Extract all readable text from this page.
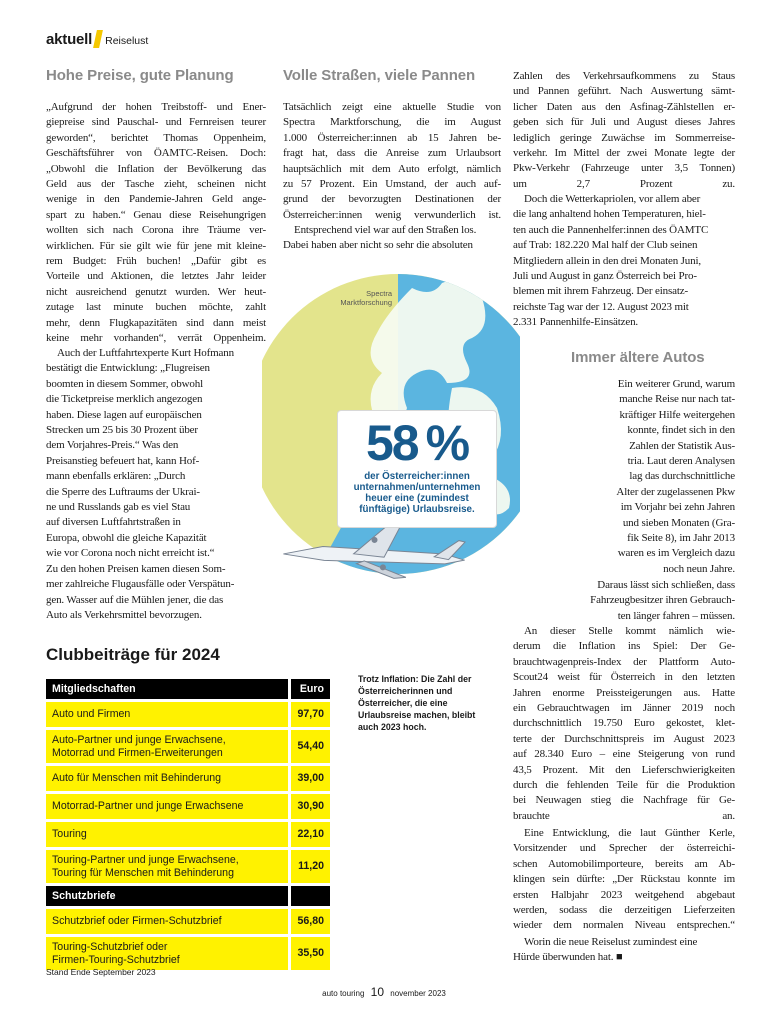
aktuell Reiselust
Hohe Preise, gute Planung

„Aufgrund der hohen Treibstoff- und Ener-

giepreise sind Pauschal- und Fernreisen teurer

geworden“, berichtet Thomas Oppenheim,

Geschäftsführer von ÖAMTC-Reisen. Doch:

„Obwohl die Inflation der Bevölkerung das

Geld aus der Tasche zieht, scheinen nicht

wenige in den Pandemie-Jahren Geld ange-

spart zu haben.“ Genau diese Reisehungrigen

wollten sich nach Corona ihre Träume ver-

wirklichen. Für sie gilt wie für jene mit kleine-

rem Budget: Früh buchen! „Dafür gibt es

Vorteile und Aktionen, die letztes Jahr leider

nicht ausreichend genutzt wurden. Wer heut-

zutage last minute buchen möchte, zahlt

mehr, denn Flugkapazitäten sind dann meist

keine mehr vorhanden“, verrät Oppenheim.

Auch der Luftfahrtexperte Kurt Hofmann

bestätigt die Entwicklung: „Flugreisen

boomten in diesem Sommer, obwohl

die Ticketpreise merklich angezogen

haben. Diese lagen auf europäischen

Strecken um 25 bis 30 Prozent über

dem Vorjahres-Preis.“ Was den

Preisanstieg befeuert hat, kann Hof-

mann ebenfalls erklären: „Durch

die Sperre des Luftraums der Ukrai-

ne und Russlands gab es viel Stau

auf diversen Luftfahrtstraßen in

Europa, obwohl die gleiche Kapazität

wie vor Corona noch nicht erreicht ist.“

Zu den hohen Preisen kamen diesen Som-

mer zahlreiche Flugausfälle oder Verspätun-

gen. Wasser auf die Mühlen jener, die das

Auto als Verkehrsmittel bevorzugen.

Volle Straßen, viele Pannen

Tatsächlich zeigt eine aktuelle Studie von

Spectra Marktforschung, die im August

1.000 Österreicher:innen ab 15 Jahren be-

fragt hat, dass die Anreise zum Urlaubsort

hauptsächlich mit dem Auto erfolgt, nämlich

zu 57 Prozent. Ein Umstand, der auch auf-

grund der bevorzugten Destinationen der

Österreicher:innen wenig verwunderlich ist.

Entsprechend viel war auf den Straßen los.

Dabei haben aber nicht so sehr die absoluten

Zahlen des Verkehrsaufkommens zu Staus

und Pannen geführt. Nach Auswertung sämt-

licher Daten aus den Asfinag-Zählstellen er-

geben sich für Juli und August dieses Jahres

lediglich geringe Zuwächse im Sommerreise-

verkehr. Im Mittel der zwei Monate legte der

Pkw-Verkehr (Fahrzeuge unter 3,5 Tonnen)

um 2,7 Prozent zu.

Doch die Wetterkapriolen, vor allem aber

die lang anhaltend hohen Temperaturen, hiel-

ten auch die Pannenhelfer:innen des ÖAMTC

auf Trab: 182.220 Mal half der Club seinen

Mitgliedern allein in den drei Monaten Juni,

Juli und August in ganz Österreich bei Pro-

blemen mit ihrem Fahrzeug. Der einsatz-

reichste Tag war der 12. August 2023 mit

2.331 Pannenhilfe-Einsätzen.

Immer ältere Autos

Ein weiterer Grund, warum

manche Reise nur nach tat-

kräftiger Hilfe weitergehen

konnte, findet sich in den

Zahlen der Statistik Aus-

tria. Laut deren Analysen

lag das durchschnittliche

Alter der zugelassenen Pkw

im Vorjahr bei zehn Jahren

und sieben Monaten (Gra-

fik Seite 8), im Jahr 2013

waren es im Vergleich dazu

noch neun Jahre.

Daraus lässt sich schließen, dass

Fahrzeugbesitzer ihren Gebrauch-

ten länger fahren – müssen.

An dieser Stelle kommt nämlich wie-

derum die Inflation ins Spiel: Der Ge-

brauchtwagenpreis-Index der Plattform Auto-

Scout24 weist für Österreich in den letzten

Jahren enorme Preissteigerungen aus. Hatte

ein Gebrauchtwagen im Jänner 2019 noch

durchschnittlich 19.750 Euro gekostet, klet-

terte der Durchschnittspreis im August 2023

auf 28.340 Euro – eine Steigerung von rund

43,5 Prozent. Mit den Lieferschwierigkeiten

durch die fehlenden Teile für die Produktion

bei Neuwagen stieg die Nachfrage für Ge-

brauchte an.

Eine Entwicklung, die laut Günther Kerle,

Vorsitzender und Sprecher der österreichi-

schen Automobilimporteure, bereits am Ab-

klingen sein dürfte: „Der Rückstau konnte im

ersten Halbjahr 2023 weitgehend abgebaut

werden, sodass die derzeitigen Lieferzeiten

wieder dem normalen Niveau entsprechen.“

Worin die neue Reiselust zumindest eine

Hürde überwunden hat. ■

Spectra Marktforschung
58 %
der Österreicher:innen unternahmen/unternehmen heuer eine (zumindest fünftägige) Urlaubsreise.
Trotz Inflation: Die Zahl der Österreicherinnen und Österreicher, die eine Urlaubsreise machen, bleibt auch 2023 hoch.
Clubbeiträge für 2024
Mitgliedschaften	Euro
Auto und Firmen	97,70
Auto-Partner und junge Erwachsene,
Motorrad und Firmen-Erweiterungen	54,40
Auto für Menschen mit Behinderung	39,00
Motorrad-Partner und junge Erwachsene	30,90
Touring	22,10
Touring-Partner und junge Erwachsene,
Touring für Menschen mit Behinderung	11,20
Schutzbriefe	
Schutzbrief oder Firmen-Schutzbrief	56,80
Touring-Schutzbrief oder
Firmen-Touring-Schutzbrief	35,50
Stand Ende September 2023
auto touring 10 november 2023
